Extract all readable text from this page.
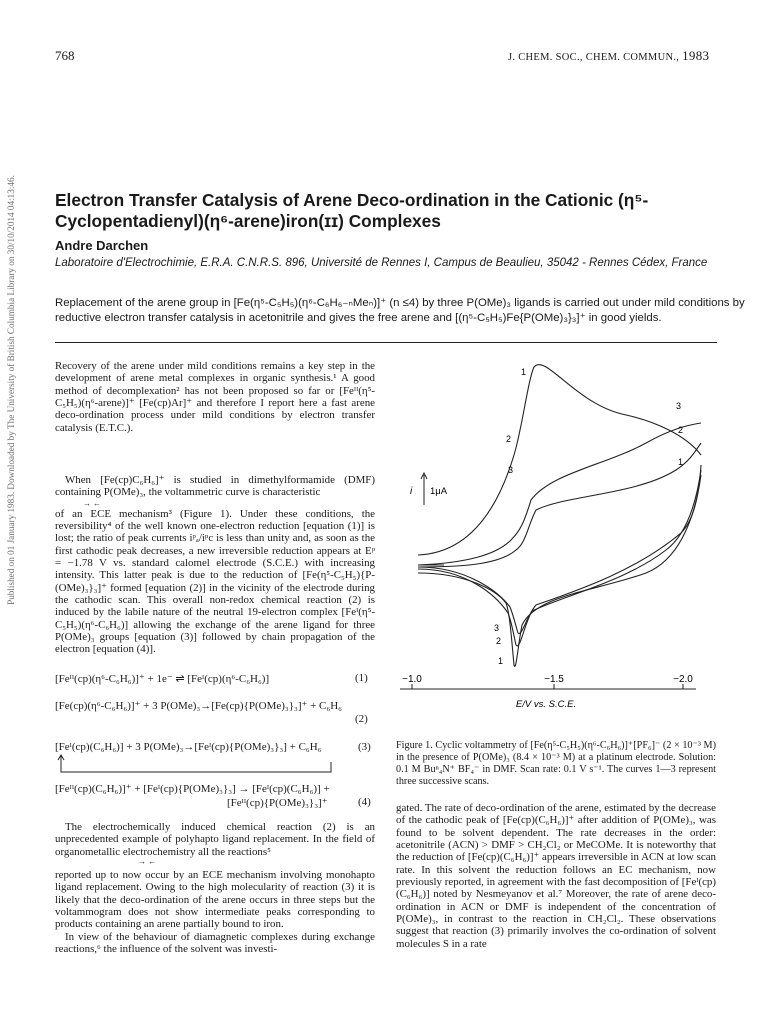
768	J. CHEM. SOC., CHEM. COMMUN., 1983
Published on 01 January 1983. Downloaded by The University of British Columbia Library on 30/10/2014 04:13:46. Electron Transfer Catalysis of Arene Deco-ordination in the Cationic (η⁵-Cyclopentadienyl)(η⁶-arene)iron(ɪɪ) Complexes
Andre Darchen
Laboratoire d'Electrochimie, E.R.A. C.N.R.S. 896, Université de Rennes I, Campus de Beaulieu, 35042 - Rennes Cédex, France
Replacement of the arene group in [Fe(η⁵-C₅H₅)(η⁶-C₆H₆₋ₙMeₙ)]⁺ (n ≤4) by three P(OMe)₃ ligands is carried out under mild conditions by reductive electron transfer catalysis in acetonitrile and gives the free arene and [(η⁵-C₅H₅)Fe{P(OMe)₃}₃]⁺ in good yields.
Recovery of the arene under mild conditions remains a key step in the development of arene metal complexes in organic synthesis.¹ A good method of decomplexation² has not been proposed so far or [Feᴵᴵ(η⁵-C₅H₅)(η⁶-arene)]⁺ [Fe(cp)Ar]⁺ and therefore I report here a fast arene deco-ordination process under mild conditions by electron transfer catalysis (E.T.C.).
When [Fe(cp)C₆H₆]⁺ is studied in dimethylformamide (DMF) containing P(OMe)₃, the voltammetric curve is characteristic
→ ←
of an ECE mechanism³ (Figure 1). Under these conditions, the reversibility⁴ of the well known one-electron reduction [equation (1)] is lost; the ratio of peak currents iᵖₐ/iᵖc is less than unity and, as soon as the first cathodic peak decreases, a new irreversible reduction appears at Eᵖ = −1.78 V vs. standard calomel electrode (S.C.E.) with increasing intensity. This latter peak is due to the reduction of [Fe(η⁵-C₅H₅){P-(OMe)₃}₃]⁺ formed [equation (2)] in the vicinity of the electrode during the cathodic scan. This overall non-redox chemical reaction (2) is induced by the labile nature of the neutral 19-electron complex [Feᴵ(η⁵-C₅H₅)(η⁶-C₆H₆)] allowing the exchange of the arene ligand for three P(OMe)₃ groups [equation (3)] followed by chain propagation of the electron [equation (4)].
[Feᴵᴵ(cp)(η⁶-C₆H₆)]⁺ + 1e⁻ ⇌ [Feᴵ(cp)(η⁶-C₆H₆)]	(1)
[Fe(cp)(η⁶-C₆H₆)]⁺ + 3 P(OMe)₃→[Fe(cp){P(OMe)₃}₃]⁺ + C₆H₆
(2)
[Feᴵ(cp)(C₆H₆)] + 3 P(OMe)₃→[Feᴵ(cp){P(OMe)₃}₃] + C₆H₆	(3)
[Feᴵᴵ(cp)(C₆H₆)]⁺ + [Feᴵ(cp){P(OMe)₃}₃] → [Feᴵ(cp)(C₆H₆)] +
[Feᴵᴵ(cp){P(OMe)₃}₃]⁺	(4)
The electrochemically induced chemical reaction (2) is an unprecedented example of polyhapto ligand replacement. In the field of organometallic electrochemistry all the reactions⁵
→ ←
reported up to now occur by an ECE mechanism involving monohapto ligand replacement. Owing to the high molecularity of reaction (3) it is likely that the deco-ordination of the arene occurs in three steps but the voltammogram does not show intermediate peaks corresponding to products containing an arene partially bound to iron.
In view of the behaviour of diamagnetic complexes during exchange reactions,⁶ the influence of the solvent was investi-
gated. The rate of deco-ordination of the arene, estimated by the decrease of the cathodic peak of [Fe(cp)(C₆H₆)]⁺ after addition of P(OMe)₃, was found to be solvent dependent. The rate decreases in the order: acetonitrile (ACN) > DMF > CH₂Cl₂ or MeCOMe. It is noteworthy that the reduction of [Fe(cp)(C₆H₆)]⁺ appears irreversible in ACN at low scan rate. In this solvent the reduction follows an EC mechanism, now previously reported, in agreement with the fast decomposition of [Feᴵ(cp)(C₆H₆)] noted by Nesmeyanov et al.⁷ Moreover, the rate of arene deco-ordination in ACN or DMF is independent of the concentration of P(OMe)₃, in contrast to the reaction in CH₂Cl₂. These observations suggest that reaction (3) primarily involves the co-ordination of solvent molecules S in a rate
i 1μA
1
2
3
3
2
1
3
2
1
−1.0	−1.5	−2.0
E/V vs. S.C.E.
Figure 1. Cyclic voltammetry of [Fe(η⁵-C₅H₅)(η⁶-C₆H₆)]⁺[PF₆]⁻ (2 × 10⁻³ M) in the presence of P(OMe)₃ (8.4 × 10⁻³ M) at a platinum electrode. Solution: 0.1 M Buⁿ₄N⁺ BF₄⁻ in DMF. Scan rate: 0.1 V s⁻¹. The curves 1—3 represent three successive scans.
